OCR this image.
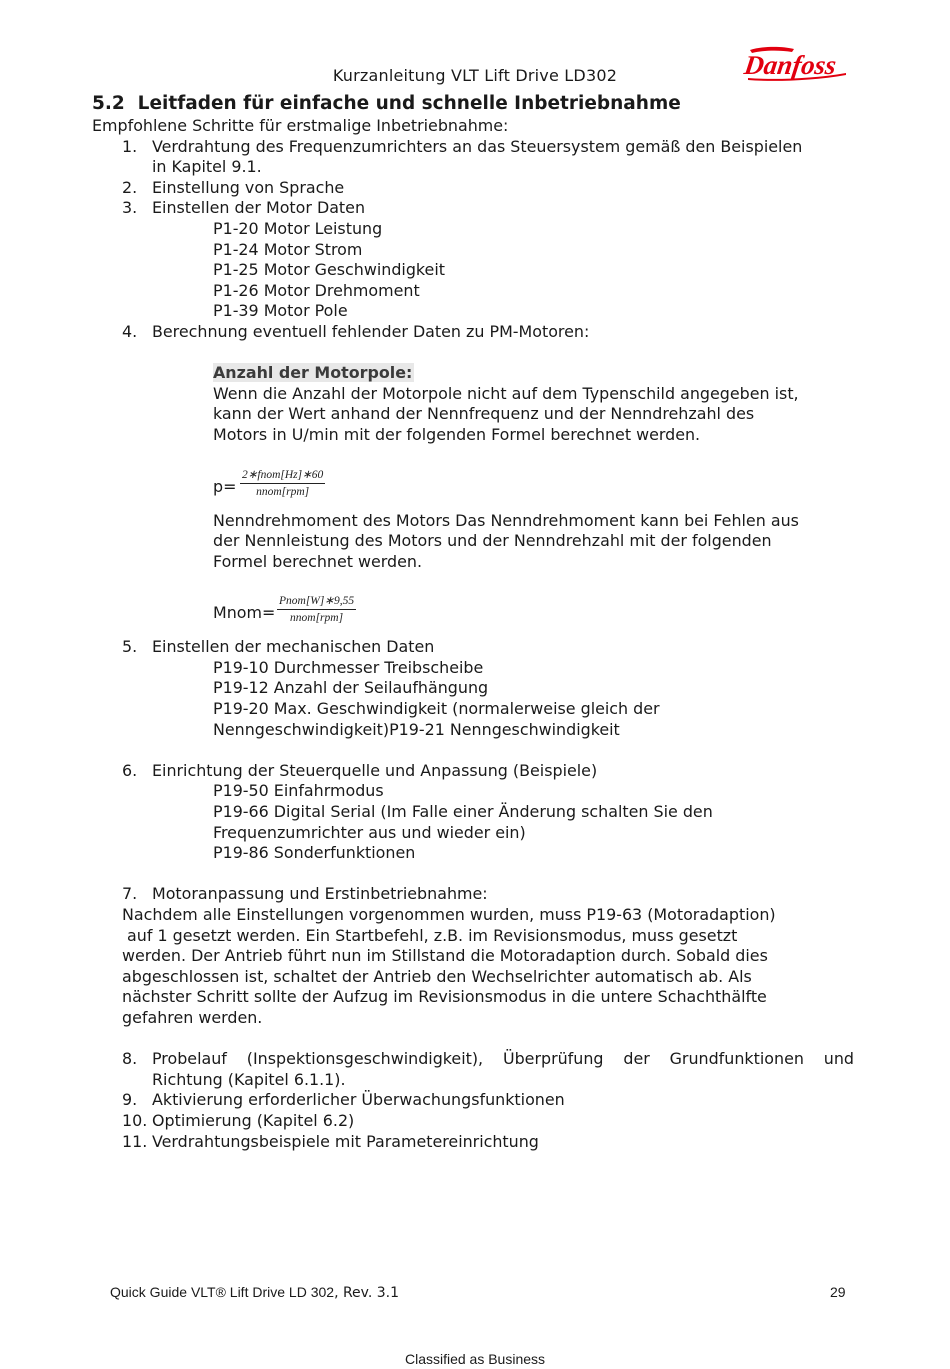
Kurzanleitung VLT Lift Drive LD302	Danfoss

5.2 Leitfaden für einfache und schnelle Inbetriebnahme

Empfohlene Schritte für erstmalige Inbetriebnahme:

1. Verdrahtung des Frequenzumrichters an das Steuersystem gemäß den Beispielen
in Kapitel 9.1.
2. Einstellung von Sprache
3. Einstellen der Motor Daten
P1-20 Motor Leistung
P1-24 Motor Strom
P1-25 Motor Geschwindigkeit
P1-26 Motor Drehmoment
P1-39 Motor Pole
4. Berechnung eventuell fehlender Daten zu PM-Motoren:
Anzahl der Motorpole:
Wenn die Anzahl der Motorpole nicht auf dem Typenschild angegeben ist,
kann der Wert anhand der Nennfrequenz und der Nenndrehzahl des
Motors in U/min mit der folgenden Formel berechnet werden.
p=
2∗fnom[Hz]∗60
nnom[rpm]
Nenndrehmoment des Motors Das Nenndrehmoment kann bei Fehlen aus
der Nennleistung des Motors und der Nenndrehzahl mit der folgenden
Formel berechnet werden.
Mnom=
Pnom[W]∗9,55
nnom[rpm]
5. Einstellen der mechanischen Daten
P19-10 Durchmesser Treibscheibe
P19-12 Anzahl der Seilaufhängung
P19-20 Max. Geschwindigkeit (normalerweise gleich der
Nenngeschwindigkeit)P19-21 Nenngeschwindigkeit
6. Einrichtung der Steuerquelle und Anpassung (Beispiele)
P19-50 Einfahrmodus
P19-66 Digital Serial (Im Falle einer Änderung schalten Sie den
Frequenzumrichter aus und wieder ein)
P19-86 Sonderfunktionen
7. Motoranpassung und Erstinbetriebnahme:
Nachdem alle Einstellungen vorgenommen wurden, muss P19-63 (Motoradaption)
auf 1 gesetzt werden. Ein Startbefehl, z.B. im Revisionsmodus, muss gesetzt
werden. Der Antrieb führt nun im Stillstand die Motoradaption durch. Sobald dies
abgeschlossen ist, schaltet der Antrieb den Wechselrichter automatisch ab. Als
nächster Schritt sollte der Aufzug im Revisionsmodus in die untere Schachthälfte
gefahren werden.
8. Probelauf (Inspektionsgeschwindigkeit), Überprüfung der Grundfunktionen und
Richtung (Kapitel 6.1.1).
9. Aktivierung erforderlicher Überwachungsfunktionen
10. Optimierung (Kapitel 6.2)
11. Verdrahtungsbeispiele mit Parametereinrichtung
Quick Guide VLT® Lift Drive LD 302, Rev. 3.1	29
Classified as Business
